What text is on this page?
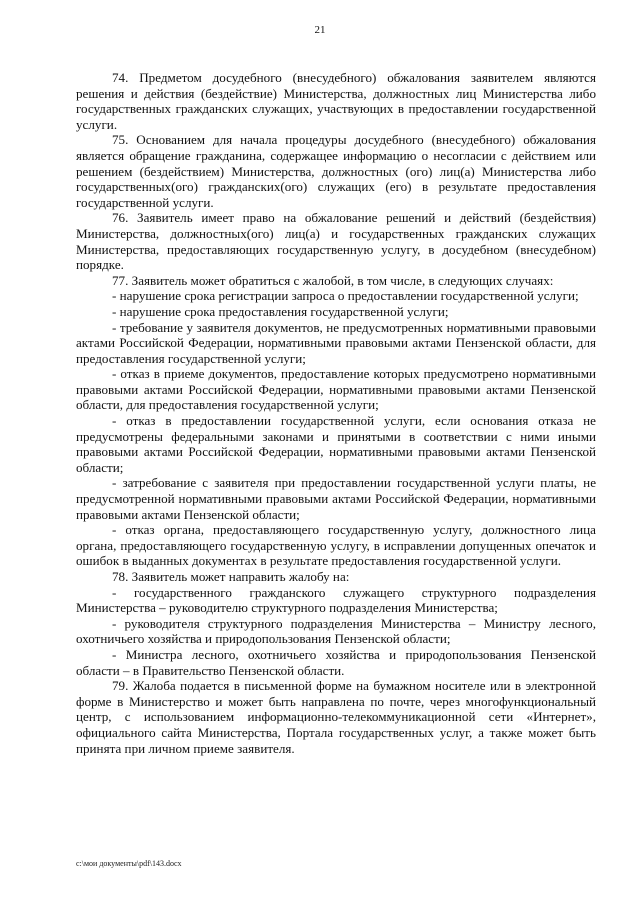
21

74. Предметом досудебного (внесудебного) обжалования заявителем являются решения и действия (бездействие) Министерства, должностных лиц Министерства либо государственных гражданских служащих, участвующих в предоставлении государственной услуги.

75. Основанием для начала процедуры досудебного (внесудебного) обжалования является обращение гражданина, содержащее информацию о несогласии с действием или решением (бездействием) Министерства, должностных (ого) лиц(а) Министерства либо государственных(ого) гражданских(ого) служащих (его) в результате предоставления государственной услуги.

76. Заявитель имеет право на обжалование решений и действий (бездействия) Министерства, должностных(ого) лиц(а) и государственных гражданских служащих Министерства, предоставляющих государственную услугу, в досудебном (внесудебном) порядке.

77. Заявитель может обратиться с жалобой, в том числе, в следующих случаях:

- нарушение срока регистрации запроса о предоставлении государственной услуги;

- нарушение срока предоставления государственной услуги;

- требование у заявителя документов, не предусмотренных нормативными правовыми актами Российской Федерации, нормативными правовыми актами Пензенской области, для предоставления государственной услуги;

- отказ в приеме документов, предоставление которых предусмотрено нормативными правовыми актами Российской Федерации, нормативными правовыми актами Пензенской области, для предоставления государственной услуги;

- отказ в предоставлении государственной услуги, если основания отказа не предусмотрены федеральными законами и принятыми в соответствии с ними иными правовыми актами Российской Федерации, нормативными правовыми актами Пензенской области;

- затребование с заявителя при предоставлении государственной услуги платы, не предусмотренной нормативными правовыми актами Российской Федерации, нормативными правовыми актами Пензенской области;

- отказ органа, предоставляющего государственную услугу, должностного лица органа, предоставляющего государственную услугу, в исправлении допущенных опечаток и ошибок в выданных документах в результате предоставления государственной услуги.

78. Заявитель может направить жалобу на:

- государственного гражданского служащего структурного подразделения Министерства – руководителю структурного подразделения Министерства;

- руководителя структурного подразделения Министерства – Министру лесного, охотничьего хозяйства и природопользования Пензенской области;

- Министра лесного, охотничьего хозяйства и природопользования Пензенской области – в Правительство Пензенской области.

79. Жалоба подается в письменной форме на бумажном носителе или в электронной форме в Министерство и может быть направлена по почте, через многофункциональный центр, с использованием информационно-телекоммуникационной сети «Интернет», официального сайта Министерства, Портала государственных услуг, а также может быть принята при личном приеме заявителя.

c:\мои документы\pdf\143.docx
